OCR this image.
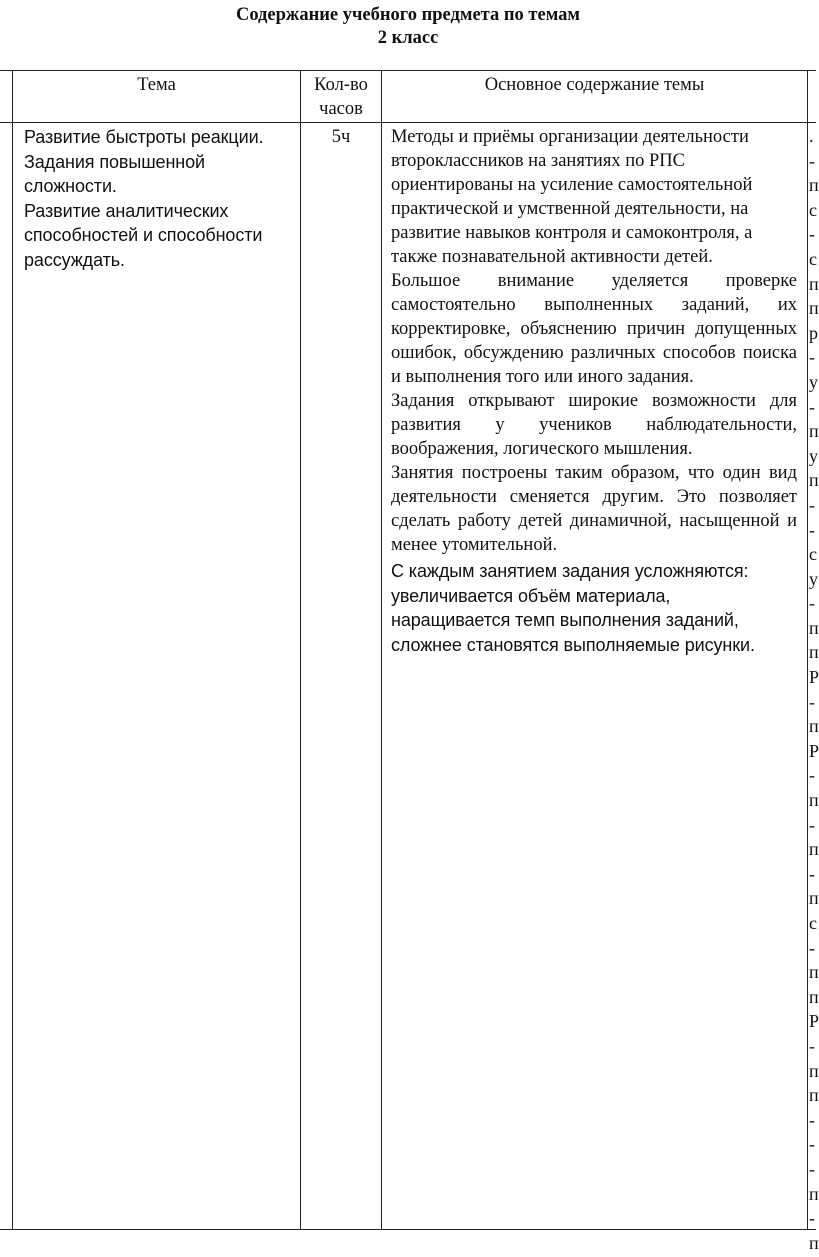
Содержание учебного предмета по темам
2 класс
Тема	Кол-во
часов
Основное содержание темы
Развитие быстроты реакции.
Задания повышенной
сложности.
Развитие аналитических
способностей и способности
рассуждать.
5ч	Методы и приёмы организации деятельности второклассников на занятиях по РПС ориентированы на усиление самостоятельной практической и умственной деятельности, на развитие навыков контроля и самоконтроля, а также познавательной активности детей.

Большое внимание уделяется проверке самостоятельно выполненных заданий, их корректировке, объяснению причин допущенных ошибок, обсуждению различных способов поиска и выполнения того или иного задания.

Задания открывают широкие возможности для развития у учеников наблюдательности, воображения, логического мышления.

Занятия построены таким образом, что один вид деятельности сменяется другим. Это позволяет сделать работу детей динамичной, насыщенной и менее утомительной.

С каждым занятием задания усложняются:
увеличивается объём материала,
наращивается темп выполнения заданий,
сложнее становятся выполняемые рисунки.
.
-
п
с
-
с
п
п
р
-
у
-
п
у
п
-
-
с
у
-
п
п
Р
-
п
Р
-
п
-
п
-
п
с
-
п
п
Р
-
п
п
-
-
-
п
-
п
